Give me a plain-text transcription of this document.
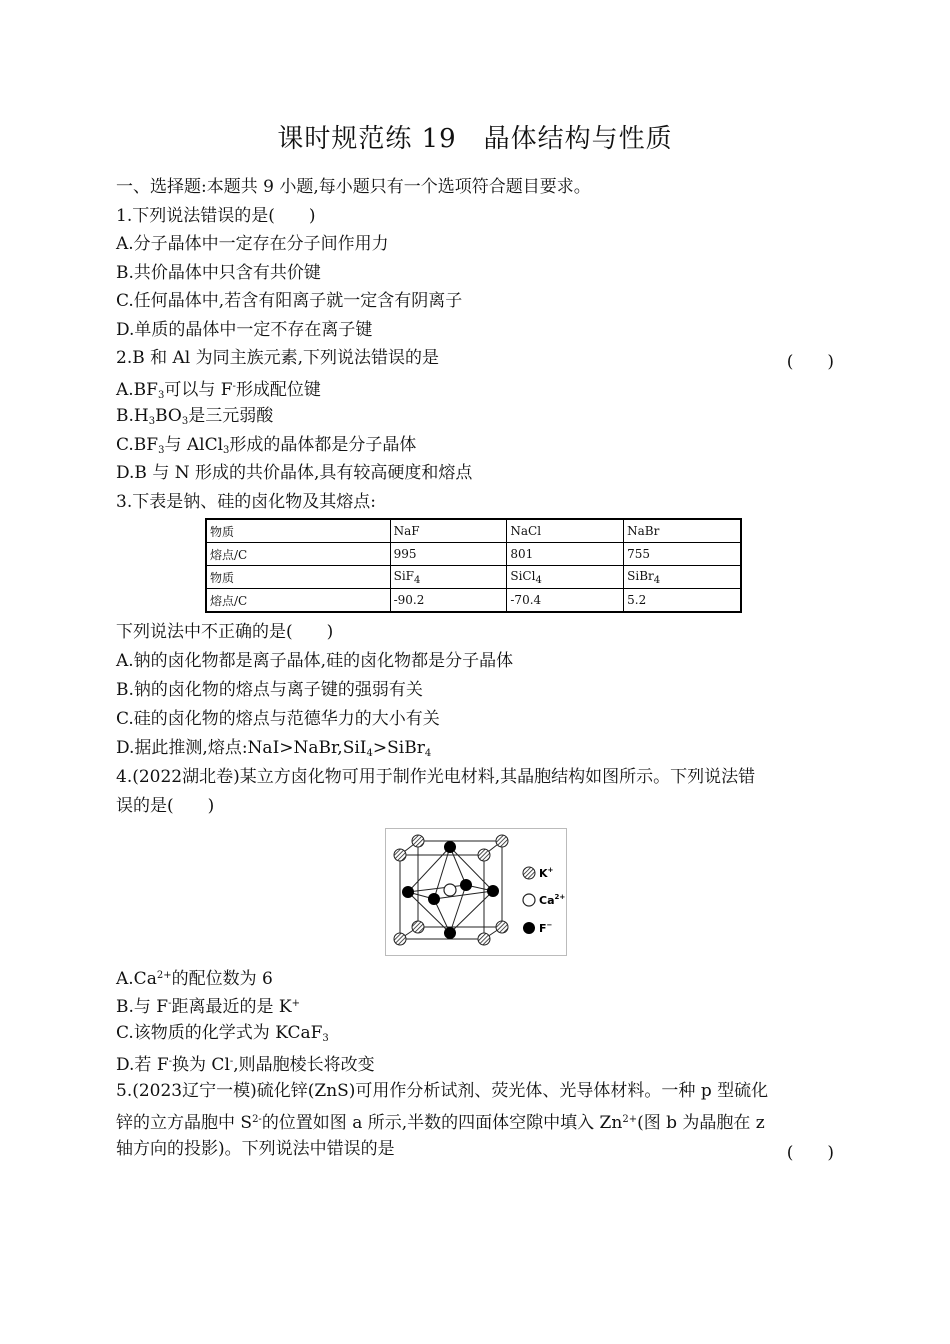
课时规范练 19　晶体结构与性质
一、选择题:本题共 9 小题,每小题只有一个选项符合题目要求。
1.下列说法错误的是(　　)
A.分子晶体中一定存在分子间作用力
B.共价晶体中只含有共价键
C.任何晶体中,若含有阳离子就一定含有阴离子
D.单质的晶体中一定不存在离子键
2.B 和 Al 为同主族元素,下列说法错误的是	(　　)
$A.BF_3$可以与 F-形成配位键
$B.H_3BO_3$是三元弱酸
$C.BF_3$与 AlCl$_3$形成的晶体都是分子晶体
D.B 与 N 形成的共价晶体,具有较高硬度和熔点
3.下表是钠、硅的卤化物及其熔点:
物质	NaF	NaCl	NaBr
熔点/C	995	801	755
物质	SiF$_4$	SiCl$_4$	SiBr$_4$
熔点/C	-90.2	-70.4	5.2
下列说法中不正确的是(　　)
A.钠的卤化物都是离子晶体,硅的卤化物都是分子晶体
B.钠的卤化物的熔点与离子键的强弱有关
C.硅的卤化物的熔点与范德华力的大小有关
D.据此推测,熔点:NaI>NaBr,SiI$_4$>SiBr$_4$
4.(2022湖北卷)某立方卤化物可用于制作光电材料,其晶胞结构如图所示。下列说法错
误的是(　　)
K+
$Ca^{2+}$
F−
$A.Ca^{2+}$的配位数为 6
B.与 F-距离最近的是 K+
C.该物质的化学式为 KCaF$_3$
D.若 F-换为 Cl-,则晶胞棱长将改变
5.(2023辽宁一模)硫化锌(ZnS)可用作分析试剂、荧光体、光导体材料。一种 p 型硫化
锌的立方晶胞中 $S^{2-}$的位置如图 a 所示,半数的四面体空隙中填入 $Zn^{2+}$(图 b 为晶胞在 z
轴方向的投影)。下列说法中错误的是	(　　)
